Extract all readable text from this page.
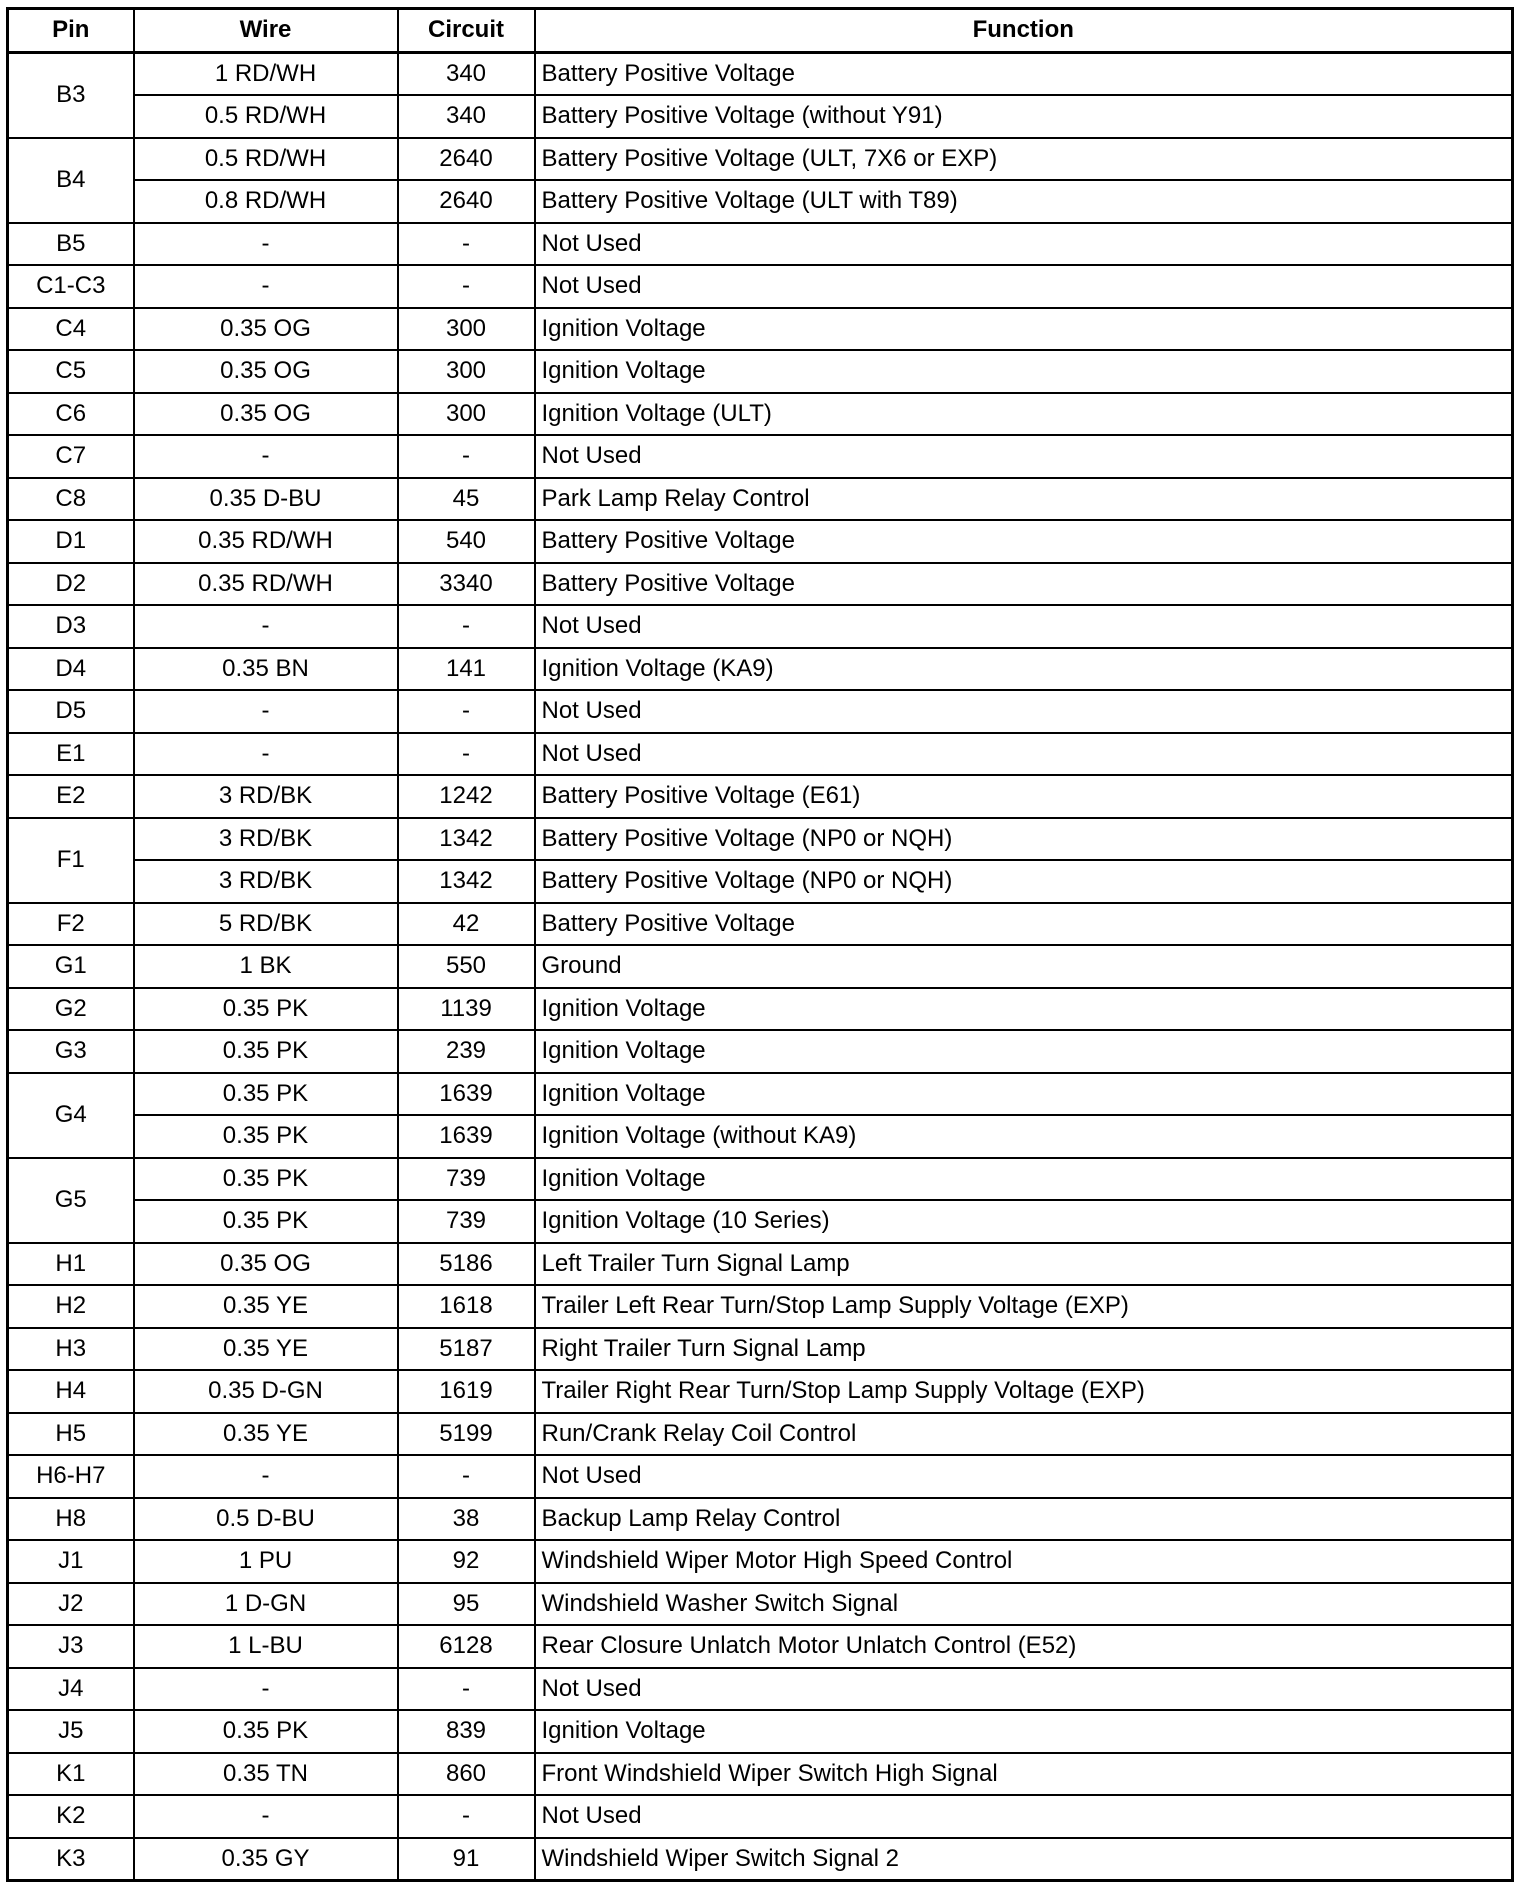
Pin	Wire	Circuit	Function
B3	1 RD/WH	340	Battery Positive Voltage
	0.5 RD/WH	340	Battery Positive Voltage (without Y91)
B4	0.5 RD/WH	2640	Battery Positive Voltage (ULT, 7X6 or EXP)
	0.8 RD/WH	2640	Battery Positive Voltage (ULT with T89)
B5	-	-	Not Used
C1-C3	-	-	Not Used
C4	0.35 OG	300	Ignition Voltage
C5	0.35 OG	300	Ignition Voltage
C6	0.35 OG	300	Ignition Voltage (ULT)
C7	-	-	Not Used
C8	0.35 D-BU	45	Park Lamp Relay Control
D1	0.35 RD/WH	540	Battery Positive Voltage
D2	0.35 RD/WH	3340	Battery Positive Voltage
D3	-	-	Not Used
D4	0.35 BN	141	Ignition Voltage (KA9)
D5	-	-	Not Used
E1	-	-	Not Used
E2	3 RD/BK	1242	Battery Positive Voltage (E61)
F1	3 RD/BK	1342	Battery Positive Voltage (NP0 or NQH)
	3 RD/BK	1342	Battery Positive Voltage (NP0 or NQH)
F2	5 RD/BK	42	Battery Positive Voltage
G1	1 BK	550	Ground
G2	0.35 PK	1139	Ignition Voltage
G3	0.35 PK	239	Ignition Voltage
G4	0.35 PK	1639	Ignition Voltage
	0.35 PK	1639	Ignition Voltage (without KA9)
G5	0.35 PK	739	Ignition Voltage
	0.35 PK	739	Ignition Voltage (10 Series)
H1	0.35 OG	5186	Left Trailer Turn Signal Lamp
H2	0.35 YE	1618	Trailer Left Rear Turn/Stop Lamp Supply Voltage (EXP)
H3	0.35 YE	5187	Right Trailer Turn Signal Lamp
H4	0.35 D-GN	1619	Trailer Right Rear Turn/Stop Lamp Supply Voltage (EXP)
H5	0.35 YE	5199	Run/Crank Relay Coil Control
H6-H7	-	-	Not Used
H8	0.5 D-BU	38	Backup Lamp Relay Control
J1	1 PU	92	Windshield Wiper Motor High Speed Control
J2	1 D-GN	95	Windshield Washer Switch Signal
J3	1 L-BU	6128	Rear Closure Unlatch Motor Unlatch Control (E52)
J4	-	-	Not Used
J5	0.35 PK	839	Ignition Voltage
K1	0.35 TN	860	Front Windshield Wiper Switch High Signal
K2	-	-	Not Used
K3	0.35 GY	91	Windshield Wiper Switch Signal 2
